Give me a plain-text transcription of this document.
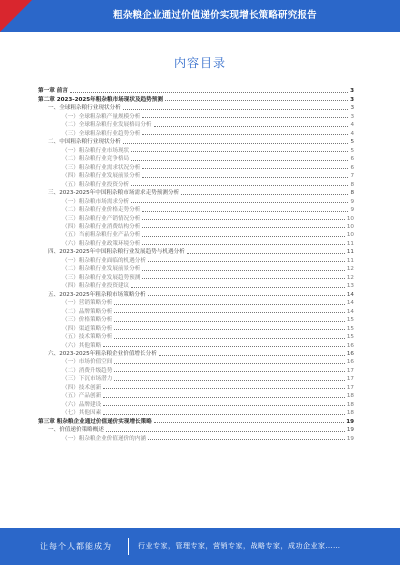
粗杂粮企业通过价值递价实现增长策略研究报告
内容目录
第一章 前言	3
第二章 2023-2025年粗杂粮市场现状及趋势预测	3
一、全球粗杂粮行业现状分析	3
（一）全球粗杂粮产量规模分析	3
（二）全球粗杂粮行业发展格局分析	4
（三）全球粗杂粮行业趋势分析	4
二、中国粗杂粮行业现状分析	5
（一）粗杂粮行业市场现状	5
（二）粗杂粮行业竞争格局	6
（三）粗杂粮行业需求状况分析	6
（四）粗杂粮行业发展前景分析	7
（五）粗杂粮行业投资分析	8
三、2023-2025年中国粗杂粮市场需求走势预测分析	8
（一）粗杂粮市场需求分析	9
（二）粗杂粮行业价格走势分析	9
（三）粗杂粮行业产销情况分析	10
（四）粗杂粮行业消费结构分析	10
（五）当前粗杂粮行业产品分析	10
（六）粗杂粮行业政策环境分析	11
四、2023-2025年中国粗杂粮行业发展趋势与机遇分析	11
（一）粗杂粮行业面临的机遇分析	11
（二）粗杂粮行业发展前景分析	12
（三）粗杂粮行业发展趋势预测	12
（四）粗杂粮行业投资建议	13
五、2023-2025年粗杂粮市场策略分析	14
（一）营销策略分析	14
（二）品牌策略分析	14
（三）价格策略分析	15
（四）渠道策略分析	15
（五）技术策略分析	15
（六）其他策略	16
六、2023-2025年粗杂粮企业价值增长分析	16
（一）市场价值空间	16
（二）消费升级趋势	17
（三）下沉市场潜力	17
（四）技术创新	17
（五）产品创新	18
（六）品牌建设	18
（七）其他因素	18
第三章 粗杂粮企业通过价值递价实现增长策略	19
一、价值递价策略概述	19
（一）粗杂粮企业价值递价的内涵	19
让每个人都能成为	行业专家，管理专家，营销专家，战略专家，成功企业家……
